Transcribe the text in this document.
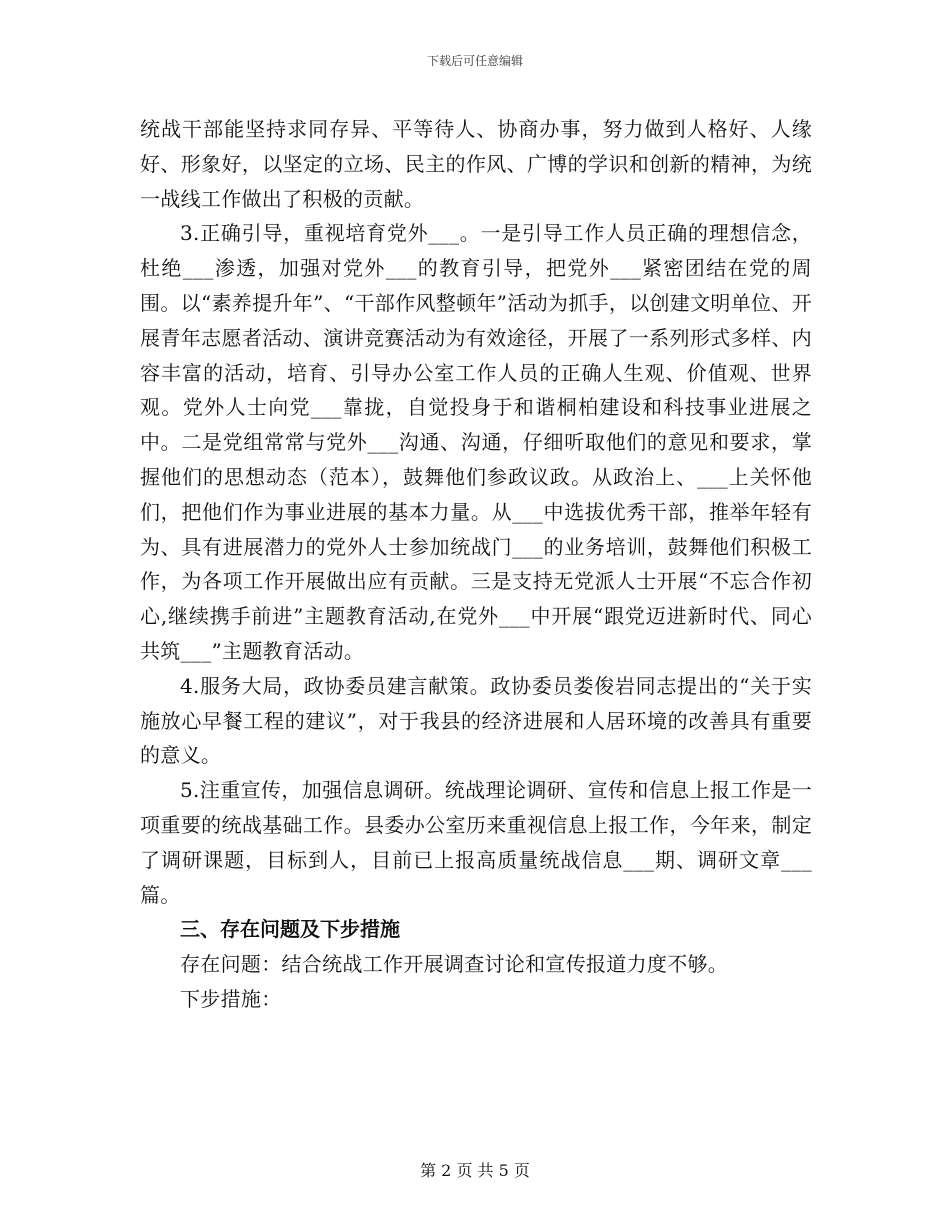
下载后可任意编辑

统战干部能坚持求同存异、平等待人、协商办事，努力做到人格好、人缘好、形象好，以坚定的立场、民主的作风、广博的学识和创新的精神，为统一战线工作做出了积极的贡献。

3.正确引导，重视培育党外___。一是引导工作人员正确的理想信念，杜绝___渗透，加强对党外___的教育引导，把党外___紧密团结在党的周围。以“素养提升年”、“干部作风整顿年”活动为抓手，以创建文明单位、开展青年志愿者活动、演讲竞赛活动为有效途径，开展了一系列形式多样、内容丰富的活动，培育、引导办公室工作人员的正确人生观、价值观、世界观。党外人士向党___靠拢，自觉投身于和谐桐柏建设和科技事业进展之中。二是党组常常与党外___沟通、沟通，仔细听取他们的意见和要求，掌握他们的思想动态（范本），鼓舞他们参政议政。从政治上、___上关怀他们，把他们作为事业进展的基本力量。从___中选拔优秀干部，推举年轻有为、具有进展潜力的党外人士参加统战门___的业务培训，鼓舞他们积极工作，为各项工作开展做出应有贡献。三是支持无党派人士开展“不忘合作初心,继续携手前进”主题教育活动,在党外___中开展“跟党迈进新时代、同心共筑___”主题教育活动。

4.服务大局，政协委员建言献策。政协委员娄俊岩同志提出的“关于实施放心早餐工程的建议”，对于我县的经济进展和人居环境的改善具有重要的意义。

5.注重宣传，加强信息调研。统战理论调研、宣传和信息上报工作是一项重要的统战基础工作。县委办公室历来重视信息上报工作，今年来，制定了调研课题，目标到人，目前已上报高质量统战信息___期、调研文章___篇。

三、存在问题及下步措施

存在问题：结合统战工作开展调查讨论和宣传报道力度不够。

下步措施：

第 2 页 共 5 页
